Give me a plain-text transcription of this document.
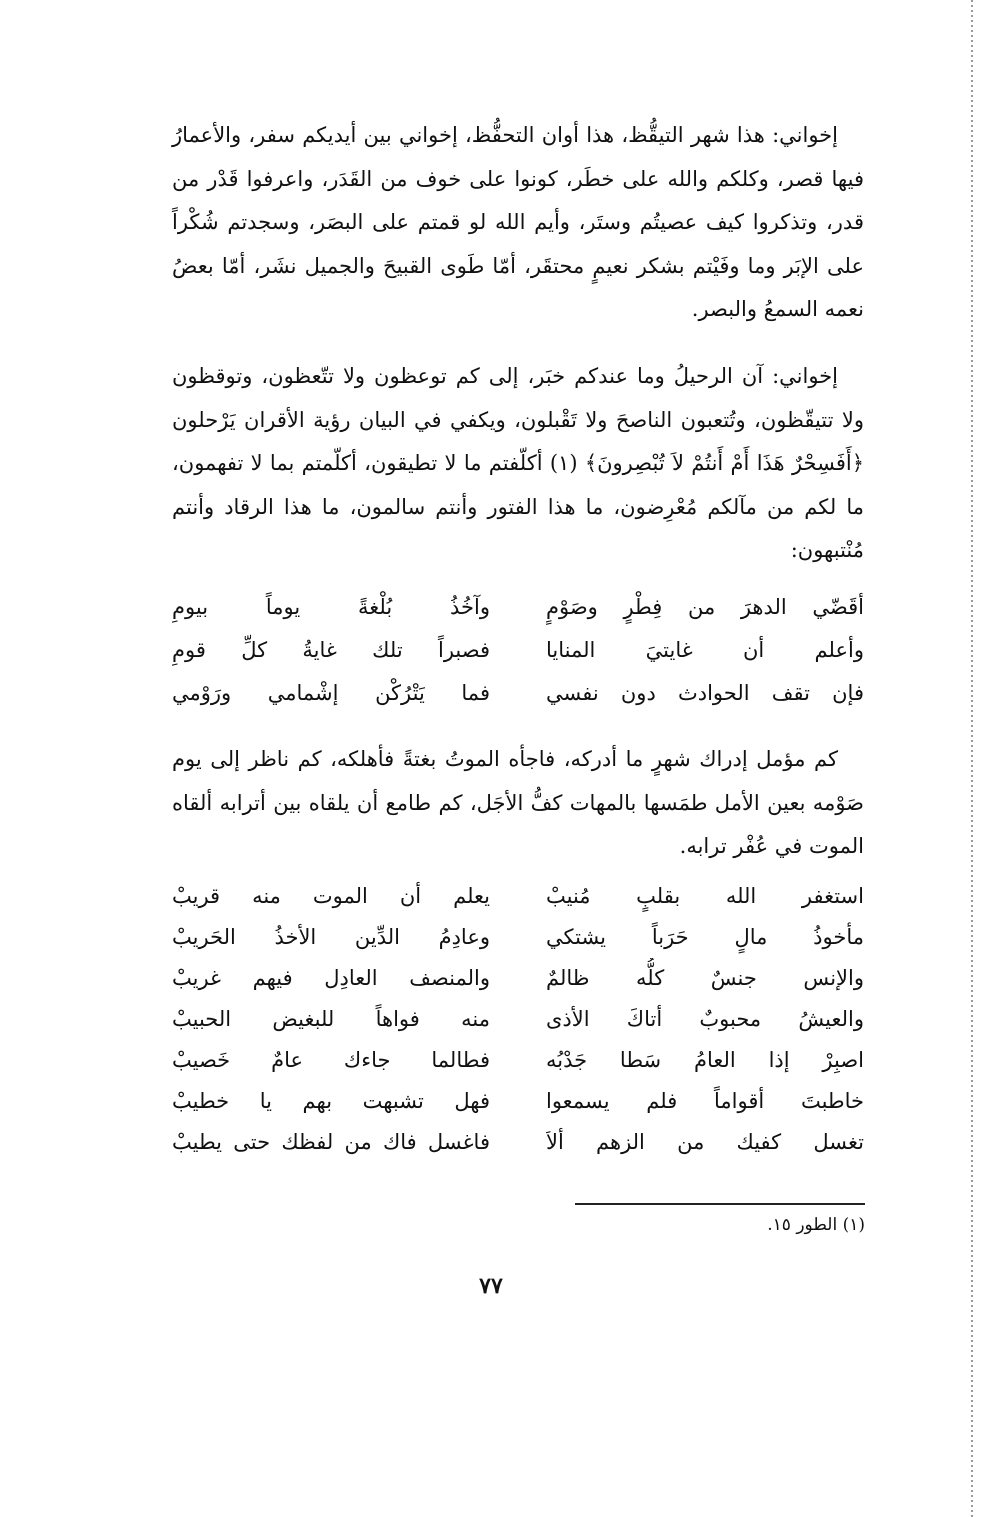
إخواني: هذا شهر التيقُّظ، هذا أوان التحفُّظ، إخواني بين أيديكم سفر، والأعمارُ فيها قصر، وكلكم والله على خطَر، كونوا على خوف من القَدَر، واعرفوا قَدْر من قدر، وتذكروا كيف عصيتُم وستَر، وأيم الله لو قمتم على البصَر، وسجدتم شُكْراً على الإبَر وما وفَيْتم بشكر نعيمٍ محتقَر، أمّا طَوى القبيحَ والجميل نشَر، أمّا بعضُ نعمه السمعُ والبصر.

إخواني: آن الرحيلُ وما عندكم خبَر، إلى كم توعظون ولا تتّعظون، وتوقظون ولا تتيقّظون، وتُتعبون الناصحَ ولا تَقْبلون، ويكفي في البيان رؤية الأقران يَرْحلون ﴿أَفَسِحْرٌ هَذَا أَمْ أَنتُمْ لاَ تُبْصِرونَ﴾ (١) أكلّفتم ما لا تطيقون، أكلّمتم بما لا تفهمون، ما لكم من مآلكم مُعْرِضون، ما هذا الفتور وأنتم سالمون، ما هذا الرقاد وأنتم مُنْتبهون:

أقَضّي الدهرَ من فِطْرٍ وصَوْمٍ
وآخُذُ بُلْغةً يوماً بيومِ
وأعلم أن غايتيَ المنايا
فصبراً تلك غايةُ كلِّ قومِ
فإن تقف الحوادث دون نفسي
فما يَتْرُكْن إشْمامي ورَوْمي

كم مؤمل إدراك شهرٍ ما أدركه، فاجأه الموتُ بغتةً فأهلكه، كم ناظر إلى يوم صَوْمه بعين الأمل طمَسها بالمهات كفُّ الأجَل، كم طامع أن يلقاه بين أترابه ألقاه الموت في عُفْر ترابه.

استغفر الله بقلبٍ مُنيبْ
يعلم أن الموت منه قريبْ
مأخوذُ مالٍ حَرَباً يشتكي
وعادِمُ الدِّين الأخذُ الحَريبْ
والإنس جنسٌ كلُّه ظالمٌ
والمنصف العادِل فيهم غريبْ
والعيشُ محبوبٌ أتاكَ الأذى
منه فواهاً للبغيض الحبيبْ
اصبِرْ إذا العامُ سَطا جَدْبُه
فطالما جاءك عامٌ خَصيبْ
خاطبتَ أقواماً فلم يسمعوا
فهل تشبهت بهم يا خطيبْ
تغسل كفيك من الزهم ألاَ
فاغسل فاك من لفظك حتى يطيبْ
(١) الطور ١٥.
٧٧
